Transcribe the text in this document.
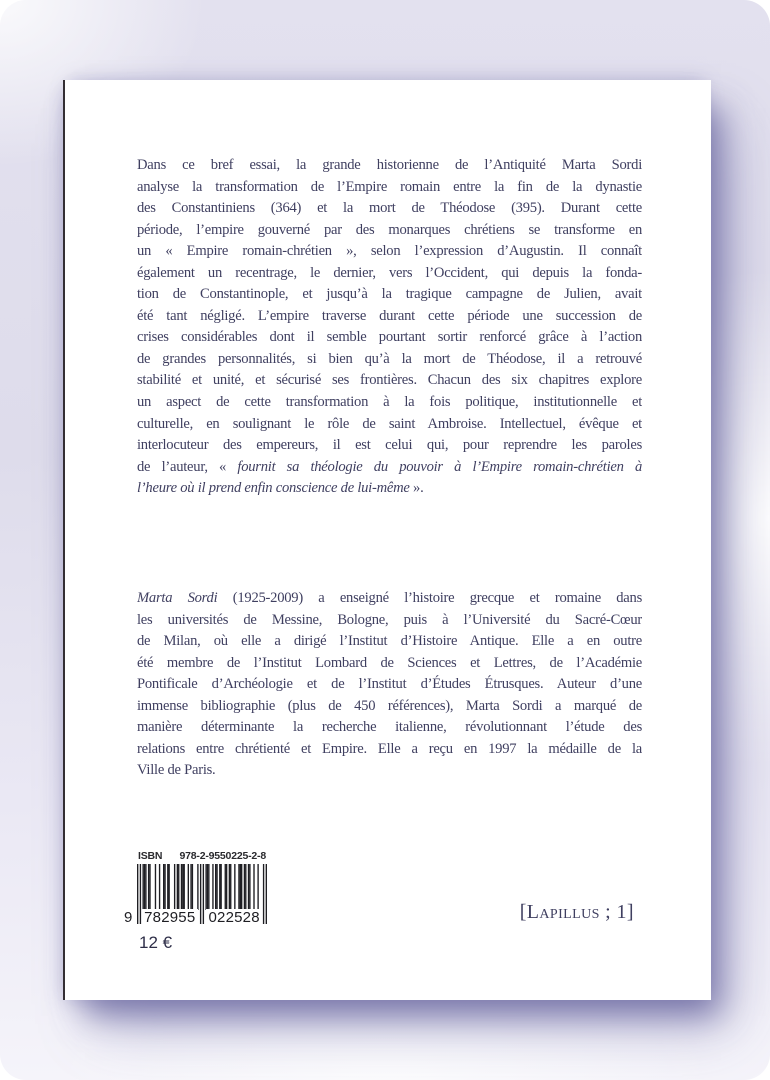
Dans ce bref essai, la grande historienne de l’Antiquité Marta Sordi
analyse la transformation de l’Empire romain entre la fin de la dynastie
des Constantiniens (364) et la mort de Théodose (395). Durant cette
période, l’empire gouverné par des monarques chrétiens se transforme en
un « Empire romain-chrétien », selon l’expression d’Augustin. Il connaît
également un recentrage, le dernier, vers l’Occident, qui depuis la fonda-
tion de Constantinople, et jusqu’à la tragique campagne de Julien, avait
été tant négligé. L’empire traverse durant cette période une succession de
crises considérables dont il semble pourtant sortir renforcé grâce à l’action
de grandes personnalités, si bien qu’à la mort de Théodose, il a retrouvé
stabilité et unité, et sécurisé ses frontières. Chacun des six chapitres explore
un aspect de cette transformation à la fois politique, institutionnelle et
culturelle, en soulignant le rôle de saint Ambroise. Intellectuel, évêque et
interlocuteur des empereurs, il est celui qui, pour reprendre les paroles
de l’auteur, « fournit sa théologie du pouvoir à l’Empire romain-chrétien à
l’heure où il prend enfin conscience de lui-même ».
Marta Sordi (1925-2009) a enseigné l’histoire grecque et romaine dans
les universités de Messine, Bologne, puis à l’Université du Sacré-Cœur
de Milan, où elle a dirigé l’Institut d’Histoire Antique. Elle a en outre
été membre de l’Institut Lombard de Sciences et Lettres, de l’Académie
Pontificale d’Archéologie et de l’Institut d’Études Étrusques. Auteur d’une
immense bibliographie (plus de 450 références), Marta Sordi a marqué de
manière déterminante la recherche italienne, révolutionnant l’étude des
relations entre chrétienté et Empire. Elle a reçu en 1997 la médaille de la
Ville de Paris.
ISBN 978-2-9550225-2-8
9 782955 022528
12 €
[Lapillus ; 1]
